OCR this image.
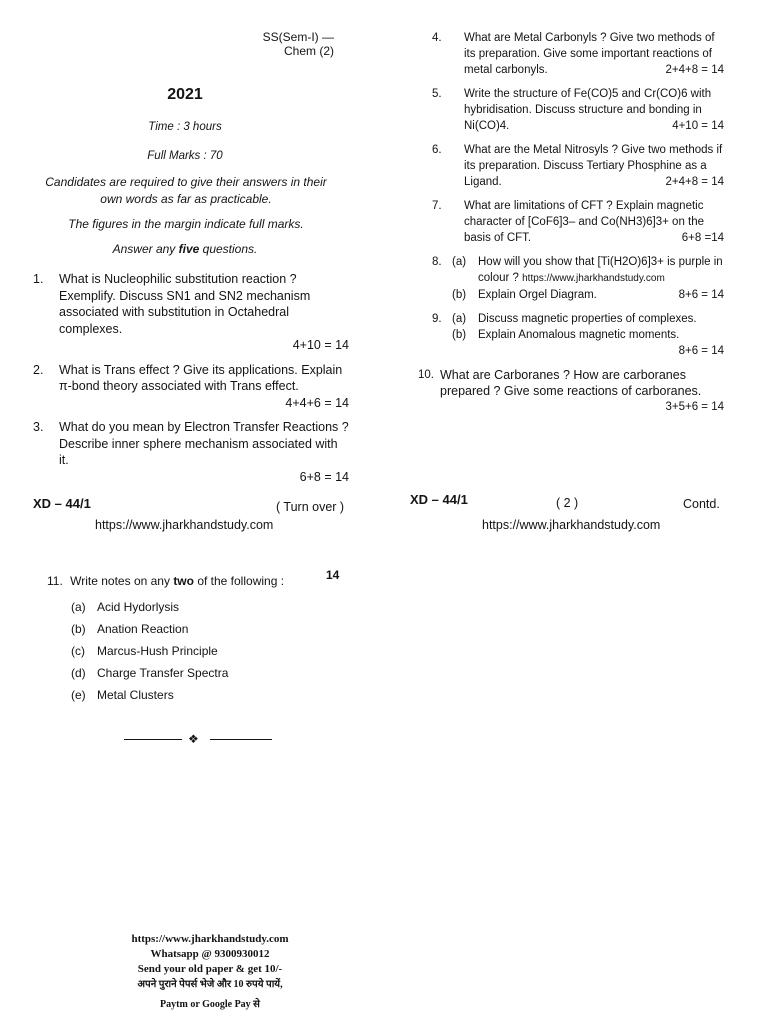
SS(Sem-I) —
Chem (2)
2021
Time : 3 hours
Full Marks : 70
Candidates are required to give their answers in their own words as far as practicable.
The figures in the margin indicate full marks.
Answer any five questions.
1. What is Nucleophilic substitution reaction ? Exemplify. Discuss SN1 and SN2 mechanism associated with substitution in Octahedral complexes.
4+10 = 14
2. What is Trans effect ? Give its applications. Explain π-bond theory associated with Trans effect.
4+4+6 = 14
3. What do you mean by Electron Transfer Reactions ? Describe inner sphere mechanism associated with it.
6+8 = 14
XD – 44/1	( Turn over )
https://www.jharkhandstudy.com
4. What are Metal Carbonyls ? Give two methods of its preparation. Give some important reactions of metal carbonyls.	2+4+8 = 14
5. Write the structure of Fe(CO)5 and Cr(CO)6 with hybridisation. Discuss structure and bonding in Ni(CO)4.	4+10 = 14
6. What are the Metal Nitrosyls ? Give two methods if its preparation. Discuss Tertiary Phosphine as a Ligand.	2+4+8 = 14
7. What are limitations of CFT ? Explain magnetic character of [CoF6]3– and Co(NH3)6]3+ on the basis of CFT.	6+8 =14
8. (a) How will you show that [Ti(H2O)6]3+ is purple in colour ? https://www.jharkhandstudy.com
(b) Explain Orgel Diagram.	8+6 = 14
9. (a) Discuss magnetic properties of complexes.
(b) Explain Anomalous magnetic moments.
8+6 = 14
10. What are Carboranes ? How are carboranes prepared ? Give some reactions of carboranes.
3+5+6 = 14
XD – 44/1	( 2 )	Contd.
https://www.jharkhandstudy.com
11. Write notes on any two of the following :	14
(a) Acid Hydorlysis
(b) Anation Reaction
(c) Marcus-Hush Principle
(d) Charge Transfer Spectra
(e) Metal Clusters
❖
https://www.jharkhandstudy.com
Whatsapp @ 9300930012
Send your old paper & get 10/-
अपने पुराने पेपर्स भेजे और 10 रुपये पायें,
Paytm or Google Pay से
